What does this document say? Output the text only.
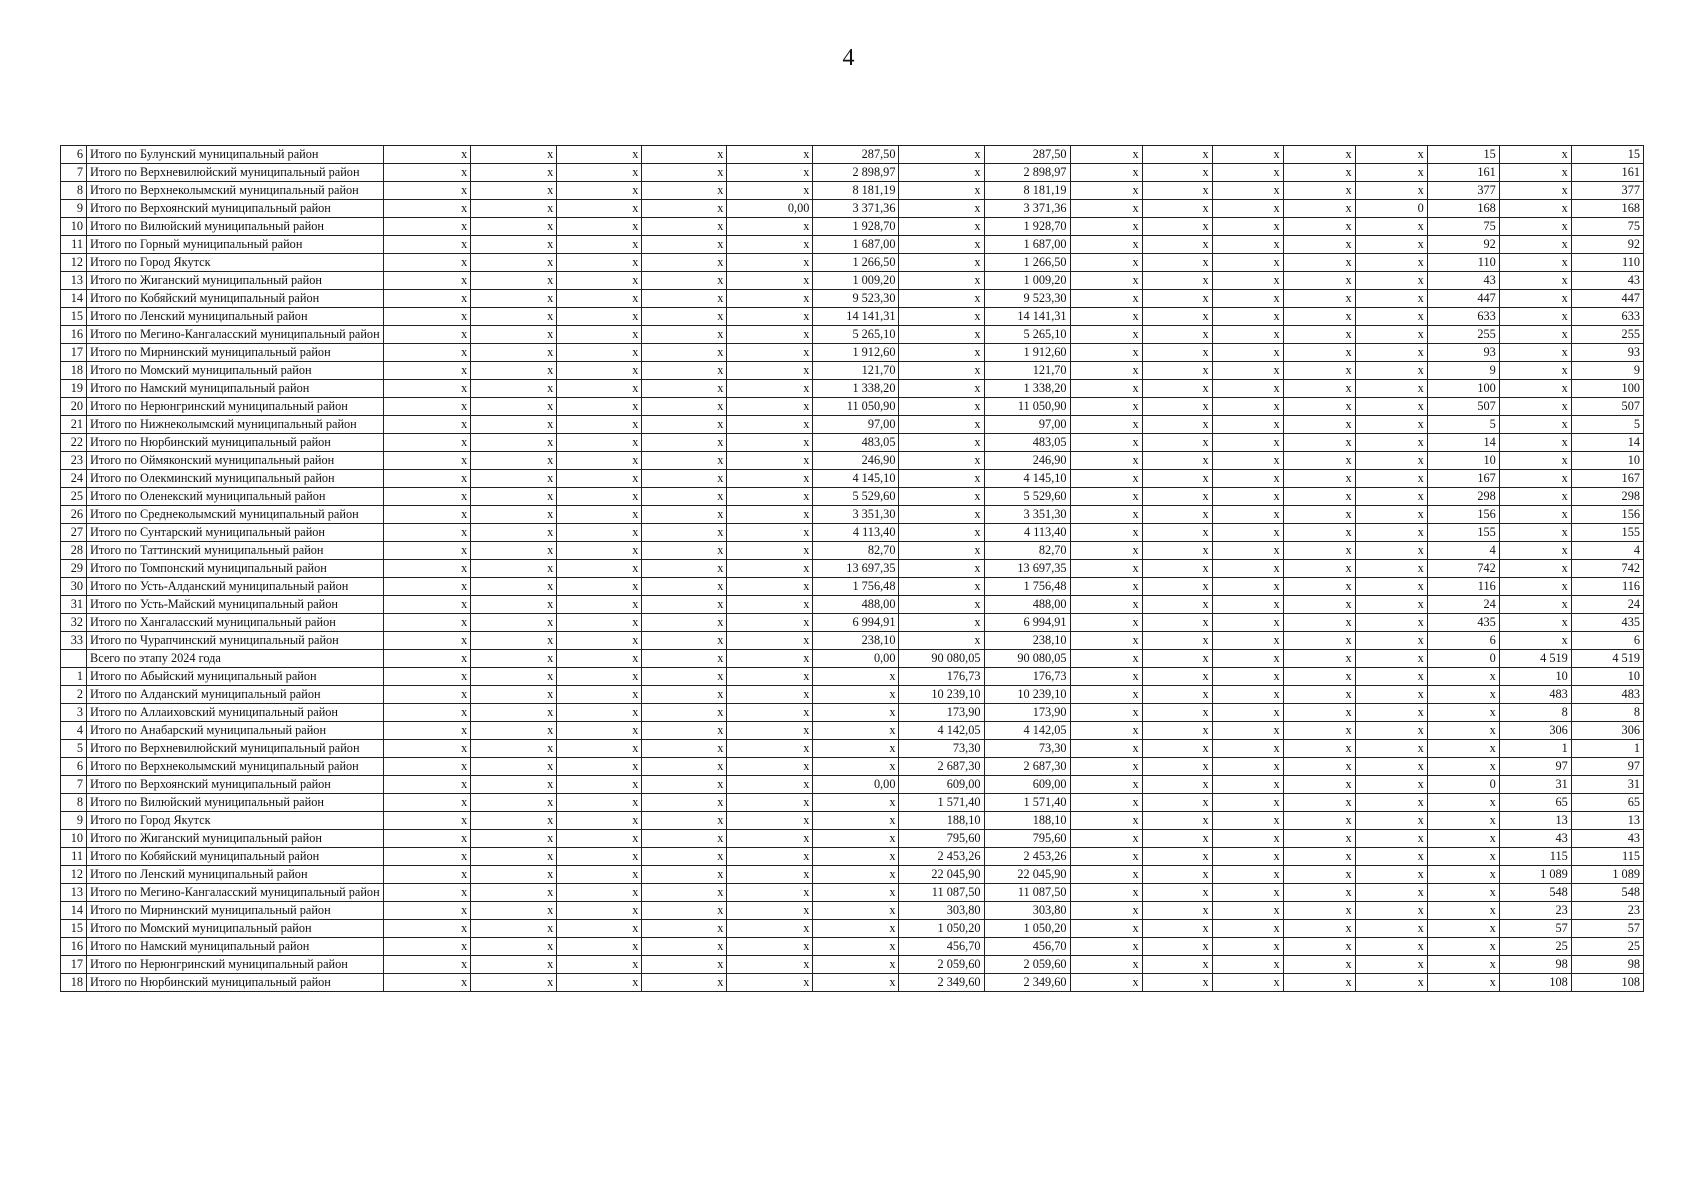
4
6	Итого по Булунский муниципальный район	x	x	x	x	x	287,50	x	287,50	x	x	x	x	x	15	x	15
7	Итого по Верхневилюйский муниципальный район	x	x	x	x	x	2 898,97	x	2 898,97	x	x	x	x	x	161	x	161
8	Итого по Верхнеколымский муниципальный район	x	x	x	x	x	8 181,19	x	8 181,19	x	x	x	x	x	377	x	377
9	Итого по Верхоянский муниципальный район	x	x	x	x	0,00	3 371,36	x	3 371,36	x	x	x	x	0	168	x	168
10	Итого по Вилюйский муниципальный район	x	x	x	x	x	1 928,70	x	1 928,70	x	x	x	x	x	75	x	75
11	Итого по Горный муниципальный район	x	x	x	x	x	1 687,00	x	1 687,00	x	x	x	x	x	92	x	92
12	Итого по Город Якутск	x	x	x	x	x	1 266,50	x	1 266,50	x	x	x	x	x	110	x	110
13	Итого по Жиганский муниципальный район	x	x	x	x	x	1 009,20	x	1 009,20	x	x	x	x	x	43	x	43
14	Итого по Кобяйский муниципальный район	x	x	x	x	x	9 523,30	x	9 523,30	x	x	x	x	x	447	x	447
15	Итого по Ленский муниципальный район	x	x	x	x	x	14 141,31	x	14 141,31	x	x	x	x	x	633	x	633
16	Итого по Мегино-Кангаласский муниципальный район	x	x	x	x	x	5 265,10	x	5 265,10	x	x	x	x	x	255	x	255
17	Итого по Мирнинский муниципальный район	x	x	x	x	x	1 912,60	x	1 912,60	x	x	x	x	x	93	x	93
18	Итого по Момский муниципальный район	x	x	x	x	x	121,70	x	121,70	x	x	x	x	x	9	x	9
19	Итого по Намский муниципальный район	x	x	x	x	x	1 338,20	x	1 338,20	x	x	x	x	x	100	x	100
20	Итого по Нерюнгринский муниципальный район	x	x	x	x	x	11 050,90	x	11 050,90	x	x	x	x	x	507	x	507
21	Итого по Нижнеколымский муниципальный район	x	x	x	x	x	97,00	x	97,00	x	x	x	x	x	5	x	5
22	Итого по Нюрбинский муниципальный район	x	x	x	x	x	483,05	x	483,05	x	x	x	x	x	14	x	14
23	Итого по Оймяконский муниципальный район	x	x	x	x	x	246,90	x	246,90	x	x	x	x	x	10	x	10
24	Итого по Олекминский муниципальный район	x	x	x	x	x	4 145,10	x	4 145,10	x	x	x	x	x	167	x	167
25	Итого по Оленекский муниципальный район	x	x	x	x	x	5 529,60	x	5 529,60	x	x	x	x	x	298	x	298
26	Итого по Среднеколымский муниципальный район	x	x	x	x	x	3 351,30	x	3 351,30	x	x	x	x	x	156	x	156
27	Итого по Сунтарский муниципальный район	x	x	x	x	x	4 113,40	x	4 113,40	x	x	x	x	x	155	x	155
28	Итого по Таттинский муниципальный район	x	x	x	x	x	82,70	x	82,70	x	x	x	x	x	4	x	4
29	Итого по Томпонский муниципальный район	x	x	x	x	x	13 697,35	x	13 697,35	x	x	x	x	x	742	x	742
30	Итого по Усть-Алданский муниципальный район	x	x	x	x	x	1 756,48	x	1 756,48	x	x	x	x	x	116	x	116
31	Итого по Усть-Майский муниципальный район	x	x	x	x	x	488,00	x	488,00	x	x	x	x	x	24	x	24
32	Итого по Хангаласский муниципальный район	x	x	x	x	x	6 994,91	x	6 994,91	x	x	x	x	x	435	x	435
33	Итого по Чурапчинский муниципальный район	x	x	x	x	x	238,10	x	238,10	x	x	x	x	x	6	x	6
	Всего по этапу 2024 года	x	x	x	x	x	0,00	90 080,05	90 080,05	x	x	x	x	x	0	4 519	4 519
1	Итого по Абыйский муниципальный район	x	x	x	x	x	x	176,73	176,73	x	x	x	x	x	x	10	10
2	Итого по Алданский муниципальный район	x	x	x	x	x	x	10 239,10	10 239,10	x	x	x	x	x	x	483	483
3	Итого по Аллаиховский муниципальный район	x	x	x	x	x	x	173,90	173,90	x	x	x	x	x	x	8	8
4	Итого по Анабарский муниципальный район	x	x	x	x	x	x	4 142,05	4 142,05	x	x	x	x	x	x	306	306
5	Итого по Верхневилюйский муниципальный район	x	x	x	x	x	x	73,30	73,30	x	x	x	x	x	x	1	1
6	Итого по Верхнеколымский муниципальный район	x	x	x	x	x	x	2 687,30	2 687,30	x	x	x	x	x	x	97	97
7	Итого по Верхоянский муниципальный район	x	x	x	x	x	0,00	609,00	609,00	x	x	x	x	x	0	31	31
8	Итого по Вилюйский муниципальный район	x	x	x	x	x	x	1 571,40	1 571,40	x	x	x	x	x	x	65	65
9	Итого по Город Якутск	x	x	x	x	x	x	188,10	188,10	x	x	x	x	x	x	13	13
10	Итого по Жиганский муниципальный район	x	x	x	x	x	x	795,60	795,60	x	x	x	x	x	x	43	43
11	Итого по Кобяйский муниципальный район	x	x	x	x	x	x	2 453,26	2 453,26	x	x	x	x	x	x	115	115
12	Итого по Ленский муниципальный район	x	x	x	x	x	x	22 045,90	22 045,90	x	x	x	x	x	x	1 089	1 089
13	Итого по Мегино-Кангаласский муниципальный район	x	x	x	x	x	x	11 087,50	11 087,50	x	x	x	x	x	x	548	548
14	Итого по Мирнинский муниципальный район	x	x	x	x	x	x	303,80	303,80	x	x	x	x	x	x	23	23
15	Итого по Момский муниципальный район	x	x	x	x	x	x	1 050,20	1 050,20	x	x	x	x	x	x	57	57
16	Итого по Намский муниципальный район	x	x	x	x	x	x	456,70	456,70	x	x	x	x	x	x	25	25
17	Итого по Нерюнгринский муниципальный район	x	x	x	x	x	x	2 059,60	2 059,60	x	x	x	x	x	x	98	98
18	Итого по Нюрбинский муниципальный район	x	x	x	x	x	x	2 349,60	2 349,60	x	x	x	x	x	x	108	108
